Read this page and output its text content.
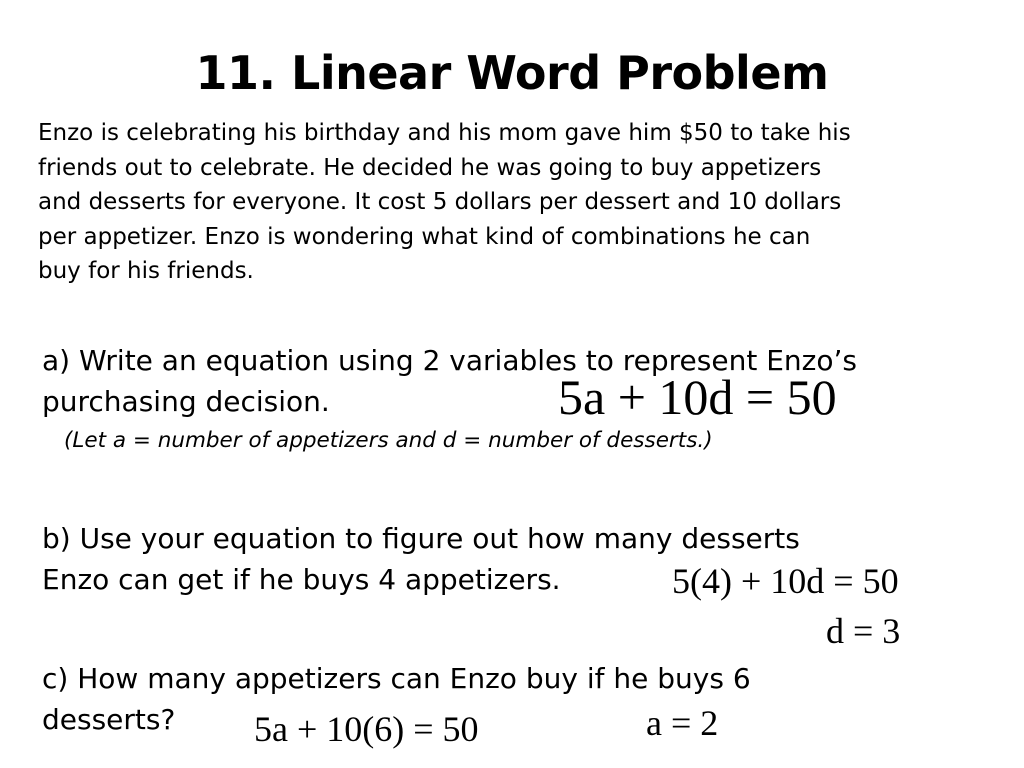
11. Linear Word Problem
Enzo is celebrating his birthday and his mom gave him $50 to take his
friends out to celebrate. He decided he was going to buy appetizers
and desserts for everyone. It cost 5 dollars per dessert and 10 dollars
per appetizer. Enzo is wondering what kind of combinations he can
buy for his friends.
a) Write an equation using 2 variables to represent Enzo’s
purchasing decision.
(Let a = number of appetizers and d = number of desserts.)
5a + 10d = 50
b) Use your equation to figure out how many desserts
Enzo can get if he buys 4 appetizers.	5(4) + 10d = 50
d = 3
c) How many appetizers can Enzo buy if he buys 6
desserts?	5a + 10(6) = 50	a = 2
